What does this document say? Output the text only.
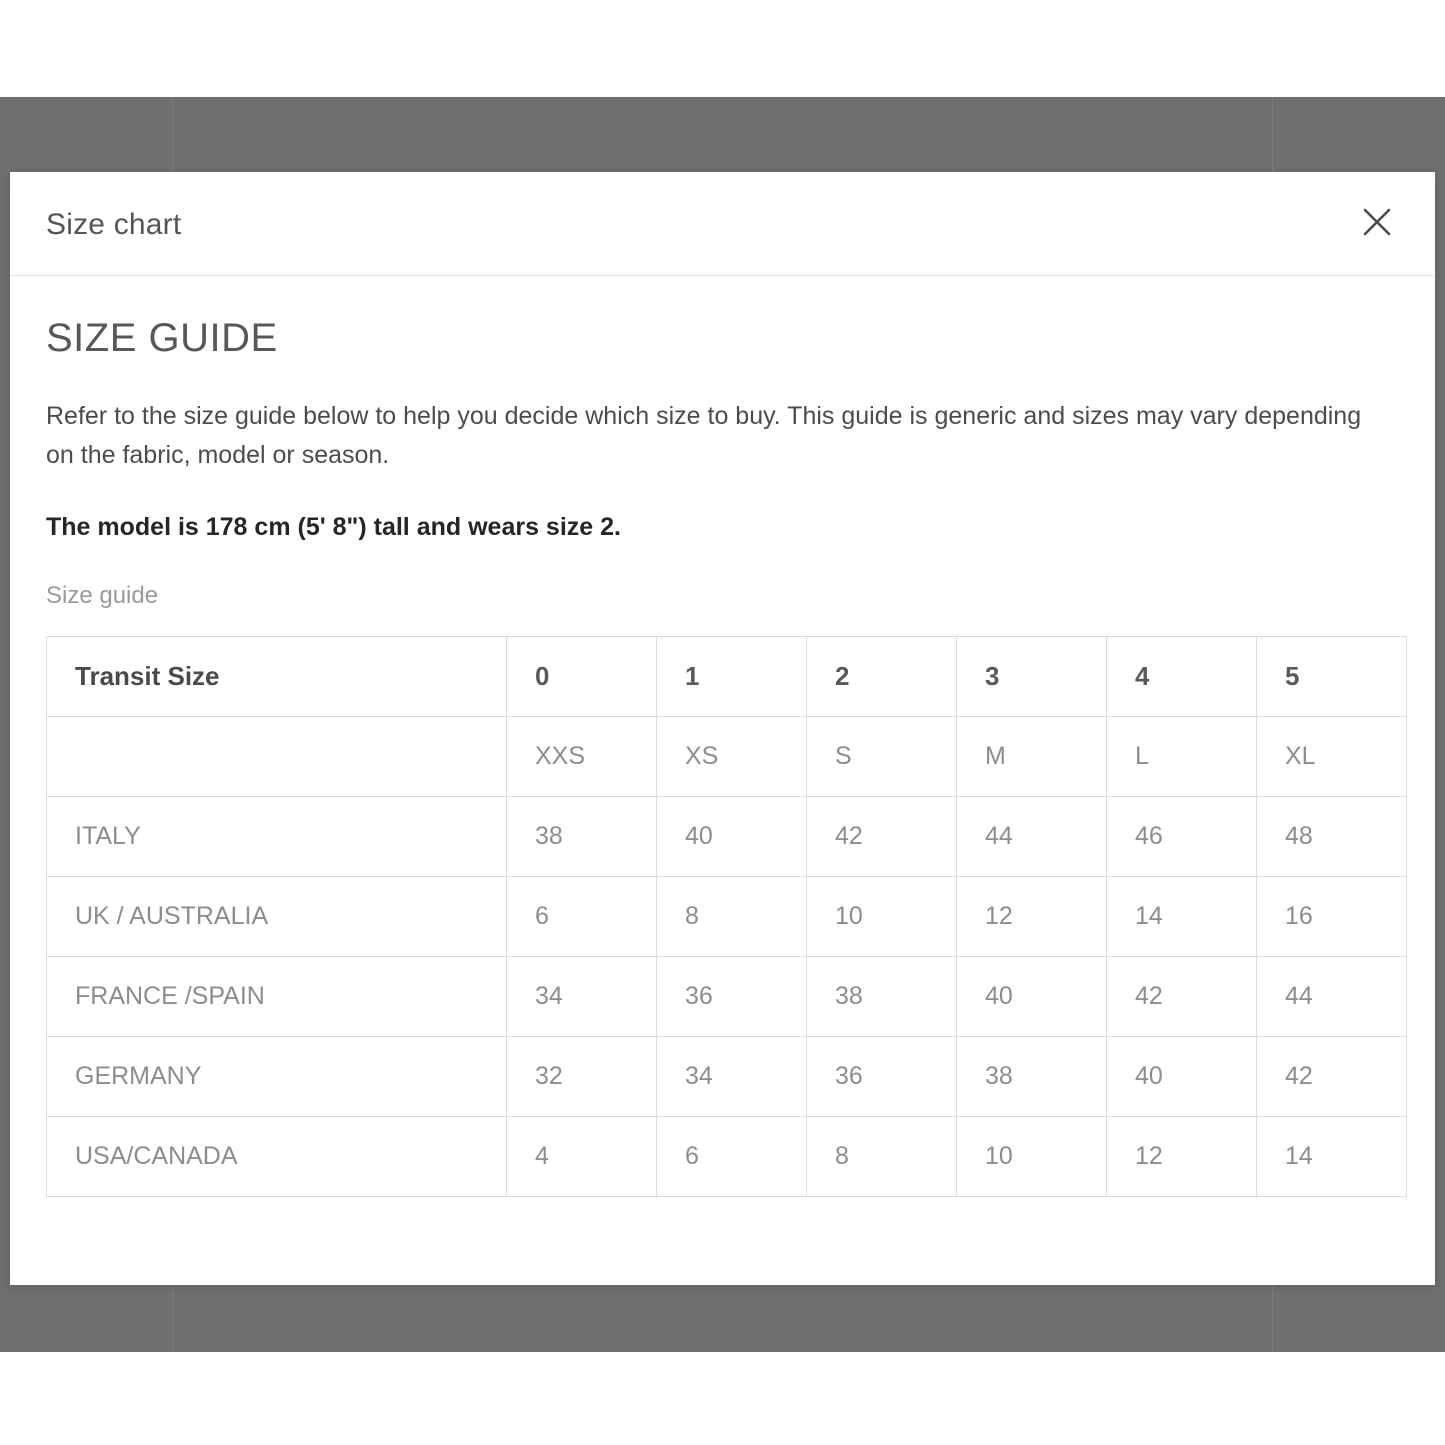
Size chart
SIZE GUIDE

Refer to the size guide below to help you decide which size to buy. This guide is generic and sizes may vary depending on the fabric, model or season.

The model is 178 cm (5' 8") tall and wears size 2.

Size guide
Transit Size	0	1	2	3	4	5
	XXS	XS	S	M	L	XL
ITALY	38	40	42	44	46	48
UK / AUSTRALIA	6	8	10	12	14	16
FRANCE /SPAIN	34	36	38	40	42	44
GERMANY	32	34	36	38	40	42
USA/CANADA	4	6	8	10	12	14
